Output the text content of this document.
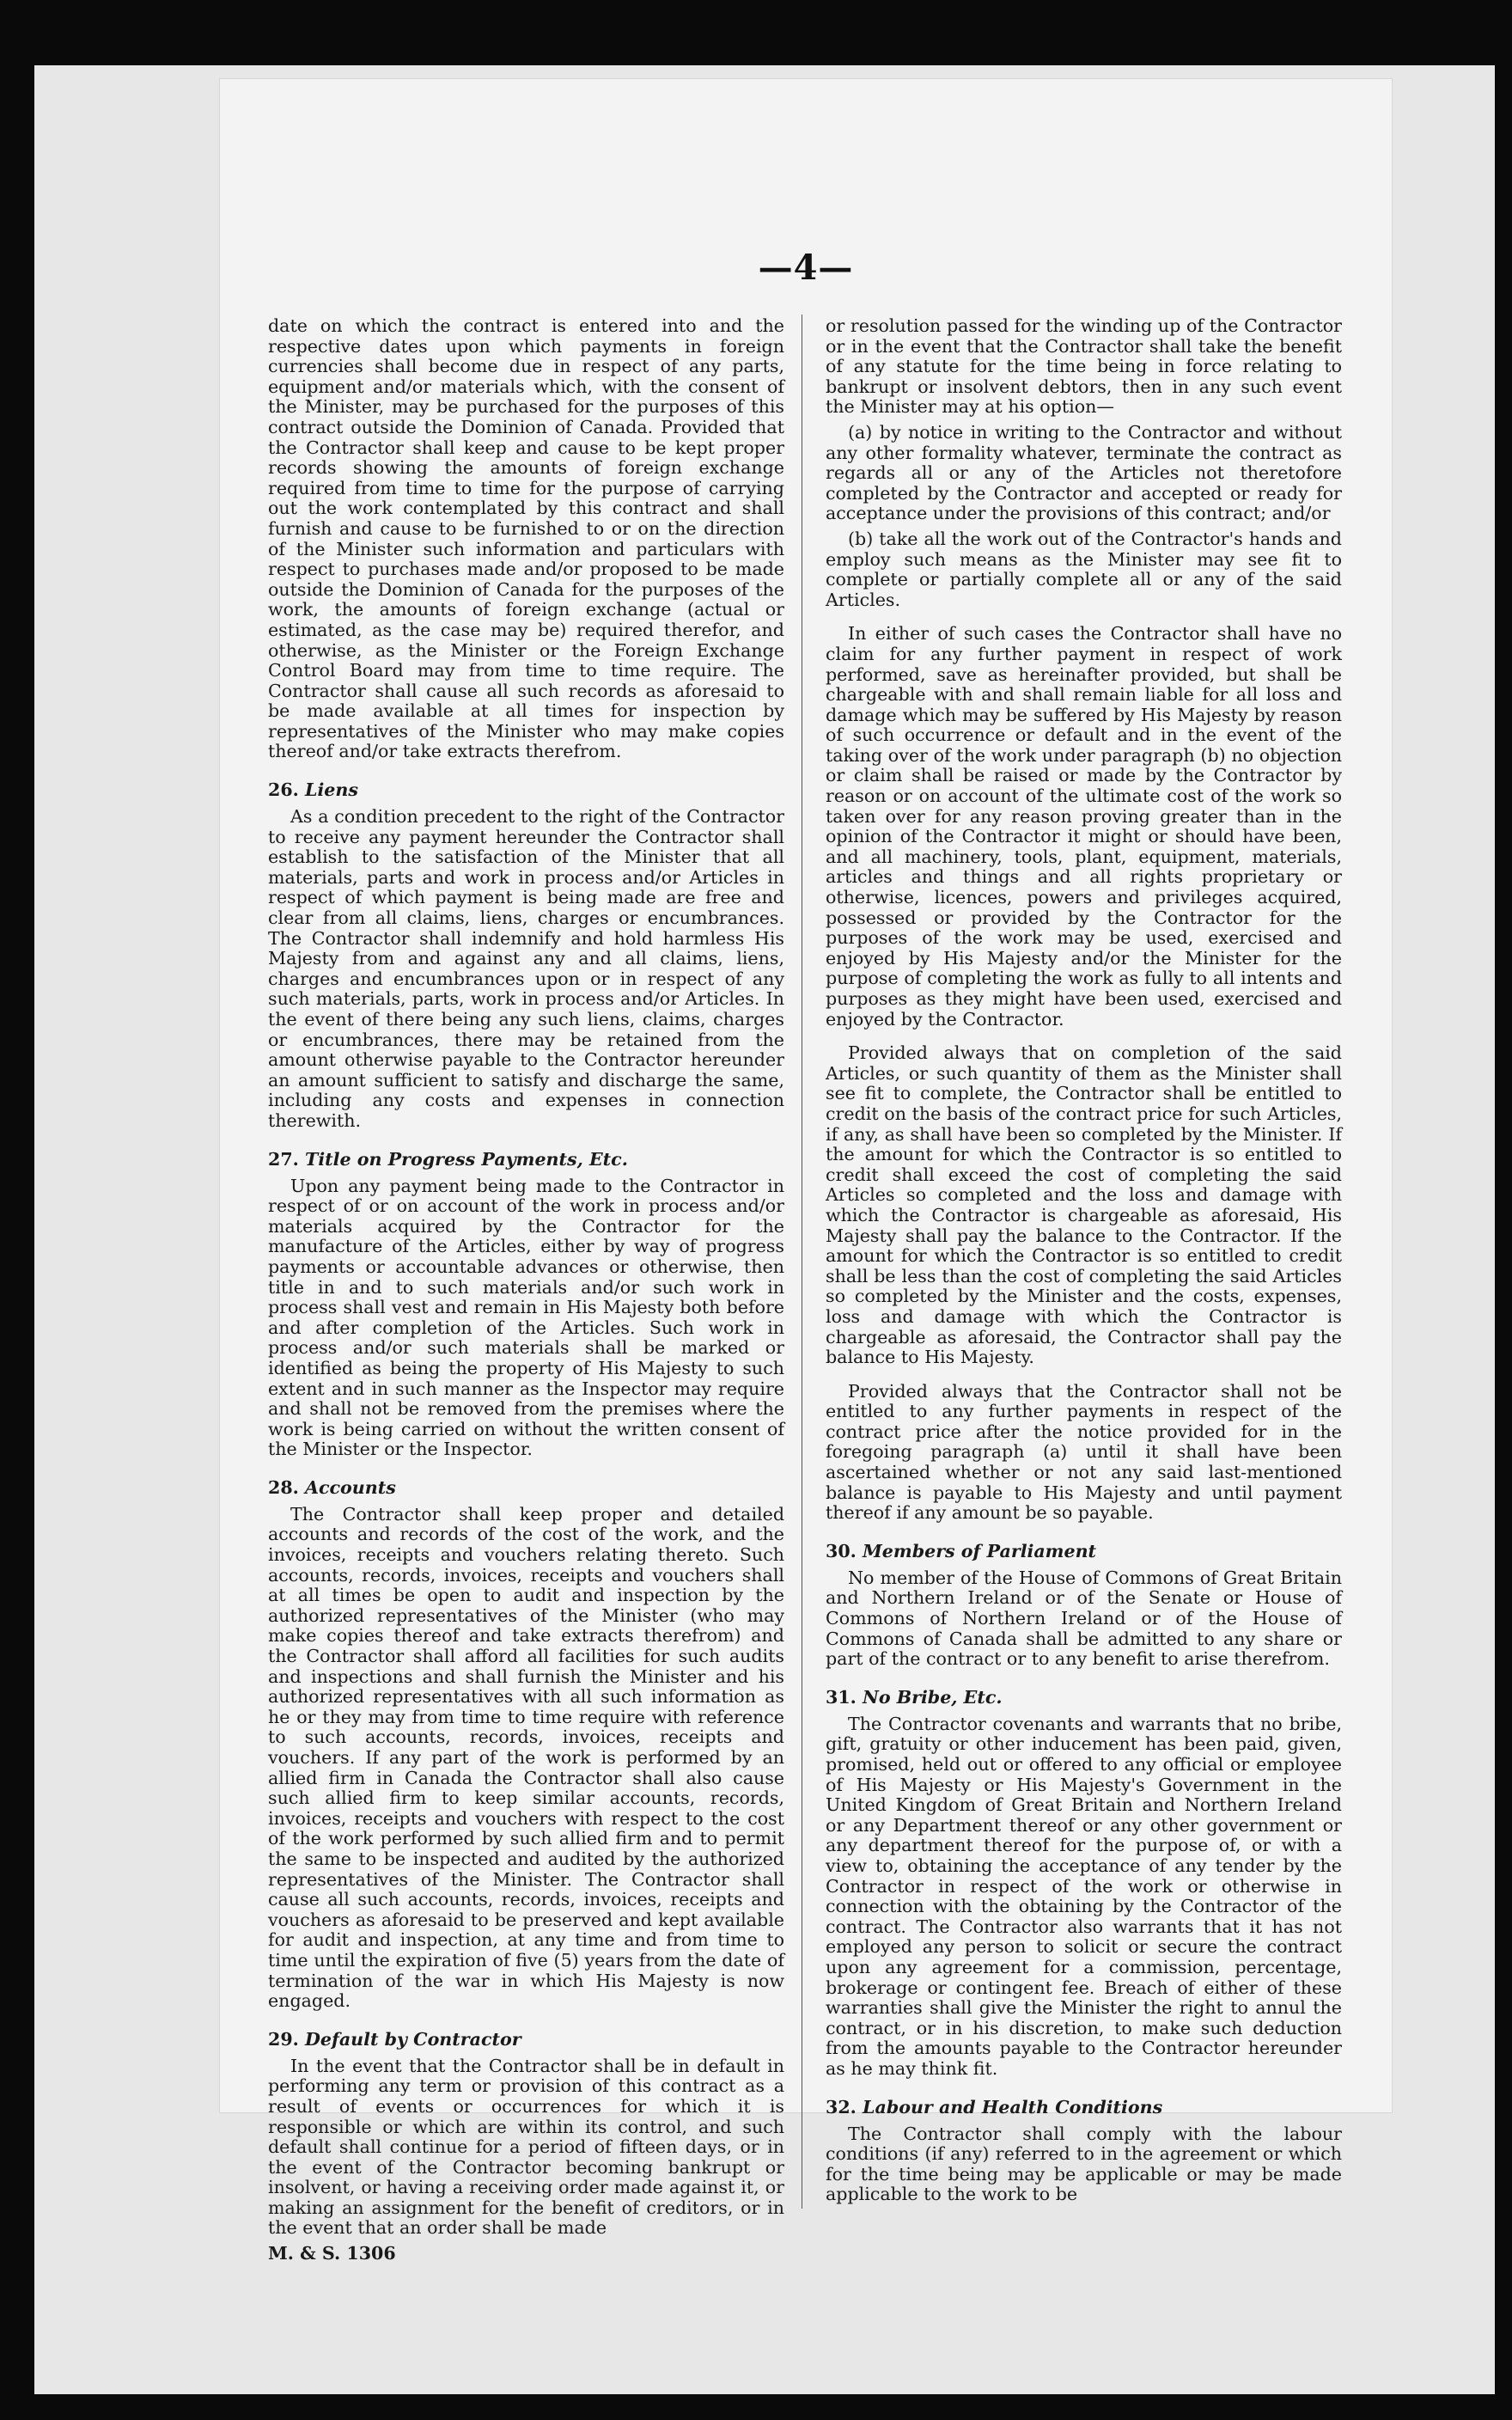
—4—

date on which the contract is entered into and the respective dates upon which payments in foreign currencies shall become due in respect of any parts, equipment and/or materials which, with the consent of the Minister, may be purchased for the purposes of this contract outside the Dominion of Canada. Provided that the Contractor shall keep and cause to be kept proper records showing the amounts of foreign exchange required from time to time for the purpose of carrying out the work contemplated by this contract and shall furnish and cause to be furnished to or on the direction of the Minister such information and particulars with respect to purchases made and/or proposed to be made outside the Dominion of Canada for the purposes of the work, the amounts of foreign exchange (actual or estimated, as the case may be) required therefor, and otherwise, as the Minister or the Foreign Exchange Control Board may from time to time require. The Contractor shall cause all such records as aforesaid to be made available at all times for inspection by representatives of the Minister who may make copies thereof and/or take extracts therefrom.

26. Liens

As a condition precedent to the right of the Contractor to receive any payment hereunder the Contractor shall establish to the satisfaction of the Minister that all materials, parts and work in process and/or Articles in respect of which payment is being made are free and clear from all claims, liens, charges or encumbrances. The Contractor shall indemnify and hold harmless His Majesty from and against any and all claims, liens, charges and encumbrances upon or in respect of any such materials, parts, work in process and/or Articles. In the event of there being any such liens, claims, charges or encumbrances, there may be retained from the amount otherwise payable to the Contractor hereunder an amount sufficient to satisfy and discharge the same, including any costs and expenses in connection therewith.

27. Title on Progress Payments, Etc.

Upon any payment being made to the Contractor in respect of or on account of the work in process and/or materials acquired by the Contractor for the manufacture of the Articles, either by way of progress payments or accountable advances or otherwise, then title in and to such materials and/or such work in process shall vest and remain in His Majesty both before and after completion of the Articles. Such work in process and/or such materials shall be marked or identified as being the property of His Majesty to such extent and in such manner as the Inspector may require and shall not be removed from the premises where the work is being carried on without the written consent of the Minister or the Inspector.

28. Accounts

The Contractor shall keep proper and detailed accounts and records of the cost of the work, and the invoices, receipts and vouchers relating thereto. Such accounts, records, invoices, receipts and vouchers shall at all times be open to audit and inspection by the authorized representatives of the Minister (who may make copies thereof and take extracts therefrom) and the Contractor shall afford all facilities for such audits and inspections and shall furnish the Minister and his authorized representatives with all such information as he or they may from time to time require with reference to such accounts, records, invoices, receipts and vouchers. If any part of the work is performed by an allied firm in Canada the Contractor shall also cause such allied firm to keep similar accounts, records, invoices, receipts and vouchers with respect to the cost of the work performed by such allied firm and to permit the same to be inspected and audited by the authorized representatives of the Minister. The Contractor shall cause all such accounts, records, invoices, receipts and vouchers as aforesaid to be preserved and kept available for audit and inspection, at any time and from time to time until the expiration of five (5) years from the date of termination of the war in which His Majesty is now engaged.

29. Default by Contractor

In the event that the Contractor shall be in default in performing any term or provision of this contract as a result of events or occurrences for which it is responsible or which are within its control, and such default shall continue for a period of fifteen days, or in the event of the Contractor becoming bankrupt or insolvent, or having a receiving order made against it, or making an assignment for the benefit of creditors, or in the event that an order shall be made

M. & S. 1306

or resolution passed for the winding up of the Contractor or in the event that the Contractor shall take the benefit of any statute for the time being in force relating to bankrupt or insolvent debtors, then in any such event the Minister may at his option—

(a) by notice in writing to the Contractor and without any other formality whatever, terminate the contract as regards all or any of the Articles not theretofore completed by the Contractor and accepted or ready for acceptance under the provisions of this contract; and/or

(b) take all the work out of the Contractor's hands and employ such means as the Minister may see fit to complete or partially complete all or any of the said Articles.

In either of such cases the Contractor shall have no claim for any further payment in respect of work performed, save as hereinafter provided, but shall be chargeable with and shall remain liable for all loss and damage which may be suffered by His Majesty by reason of such occurrence or default and in the event of the taking over of the work under paragraph (b) no objection or claim shall be raised or made by the Contractor by reason or on account of the ultimate cost of the work so taken over for any reason proving greater than in the opinion of the Contractor it might or should have been, and all machinery, tools, plant, equipment, materials, articles and things and all rights proprietary or otherwise, licences, powers and privileges acquired, possessed or provided by the Contractor for the purposes of the work may be used, exercised and enjoyed by His Majesty and/or the Minister for the purpose of completing the work as fully to all intents and purposes as they might have been used, exercised and enjoyed by the Contractor.

Provided always that on completion of the said Articles, or such quantity of them as the Minister shall see fit to complete, the Contractor shall be entitled to credit on the basis of the contract price for such Articles, if any, as shall have been so completed by the Minister. If the amount for which the Contractor is so entitled to credit shall exceed the cost of completing the said Articles so completed and the loss and damage with which the Contractor is chargeable as aforesaid, His Majesty shall pay the balance to the Contractor. If the amount for which the Contractor is so entitled to credit shall be less than the cost of completing the said Articles so completed by the Minister and the costs, expenses, loss and damage with which the Contractor is chargeable as aforesaid, the Contractor shall pay the balance to His Majesty.

Provided always that the Contractor shall not be entitled to any further payments in respect of the contract price after the notice provided for in the foregoing paragraph (a) until it shall have been ascertained whether or not any said last-mentioned balance is payable to His Majesty and until payment thereof if any amount be so payable.

30. Members of Parliament

No member of the House of Commons of Great Britain and Northern Ireland or of the Senate or House of Commons of Northern Ireland or of the House of Commons of Canada shall be admitted to any share or part of the contract or to any benefit to arise therefrom.

31. No Bribe, Etc.

The Contractor covenants and warrants that no bribe, gift, gratuity or other inducement has been paid, given, promised, held out or offered to any official or employee of His Majesty or His Majesty's Government in the United Kingdom of Great Britain and Northern Ireland or any Department thereof or any other government or any department thereof for the purpose of, or with a view to, obtaining the acceptance of any tender by the Contractor in respect of the work or otherwise in connection with the obtaining by the Contractor of the contract. The Contractor also warrants that it has not employed any person to solicit or secure the contract upon any agreement for a commission, percentage, brokerage or contingent fee. Breach of either of these warranties shall give the Minister the right to annul the contract, or in his discretion, to make such deduction from the amounts payable to the Contractor hereunder as he may think fit.

32. Labour and Health Conditions

The Contractor shall comply with the labour conditions (if any) referred to in the agreement or which for the time being may be applicable or may be made applicable to the work to be
